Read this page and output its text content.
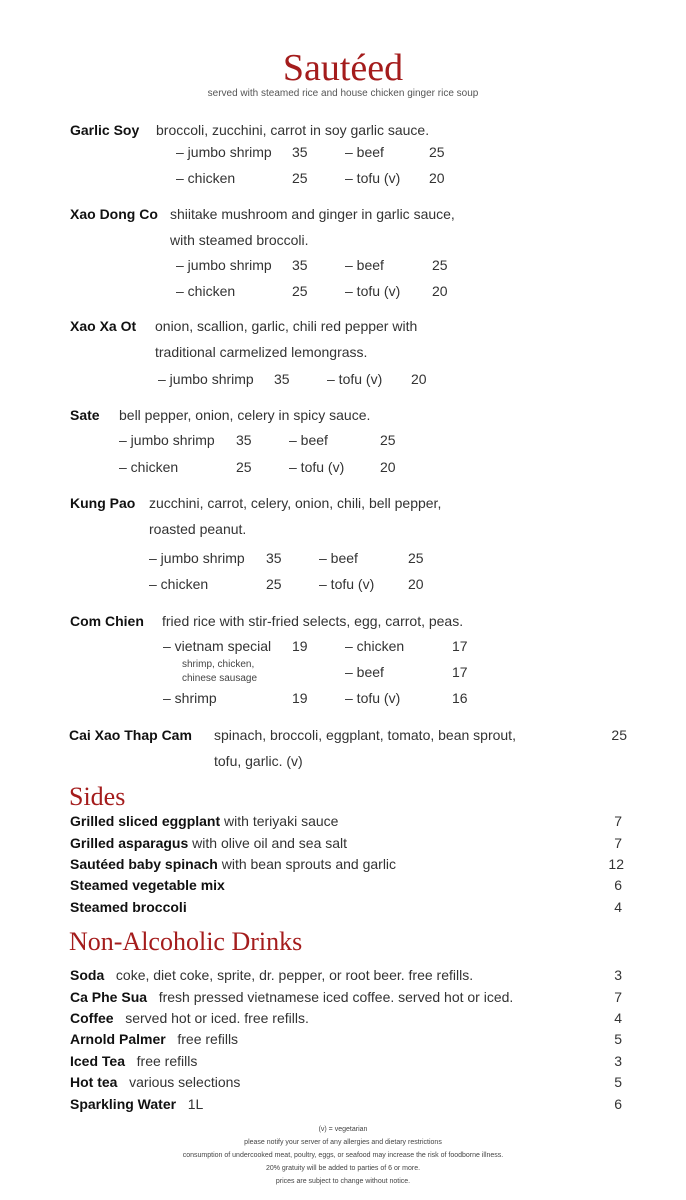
Sautéed
served with steamed rice and house chicken ginger rice soup
Garlic Soy broccoli, zucchini, carrot in soy garlic sauce.
– jumbo shrimp 35	– beef	25
– chicken	25	– tofu (v) 20
Xao Dong Co shiitake mushroom and ginger in garlic sauce,
with steamed broccoli.
– jumbo shrimp 35	– beef	25
– chicken	25	– tofu (v) 20
Xao Xa Ot onion, scallion, garlic, chili red pepper with
traditional carmelized lemongrass.
– jumbo shrimp 35	– tofu (v) 20
Sate bell pepper, onion, celery in spicy sauce.
– jumbo shrimp 35	– beef	25
– chicken	25	– tofu (v)	20
Kung Pao zucchini, carrot, celery, onion, chili, bell pepper,
roasted peanut.
– jumbo shrimp 35	– beef	25
– chicken	25	– tofu (v) 20
Com Chien fried rice with stir-fried selects, egg, carrot, peas.
– vietnam special 19	– chicken	17
shrimp, chicken,
chinese sausage	– beef	17
– shrimp	19	– tofu (v)	16
Cai Xao Thap Cam spinach, broccoli, eggplant, tomato, bean sprout,
tofu, garlic. (v)
25
Sides
Grilled sliced eggplant with teriyaki sauce	7
Grilled asparagus with olive oil and sea salt	7
Sautéed baby spinach with bean sprouts and garlic	12
Steamed vegetable mix	6
Steamed broccoli	4
Non-Alcoholic Drinks
Soda coke, diet coke, sprite, dr. pepper, or root beer. free refills.	3
Ca Phe Sua fresh pressed vietnamese iced coffee. served hot or iced.	7
Coffee served hot or iced. free refills.	4
Arnold Palmer free refills	5
Iced Tea free refills	3
Hot tea various selections	5
Sparkling Water 1L	6
(v) = vegetarian
please notify your server of any allergies and dietary restrictions
consumption of undercooked meat, poultry, eggs, or seafood may increase the risk of foodborne illness.
20% gratuity will be added to parties of 6 or more.
prices are subject to change without notice.
